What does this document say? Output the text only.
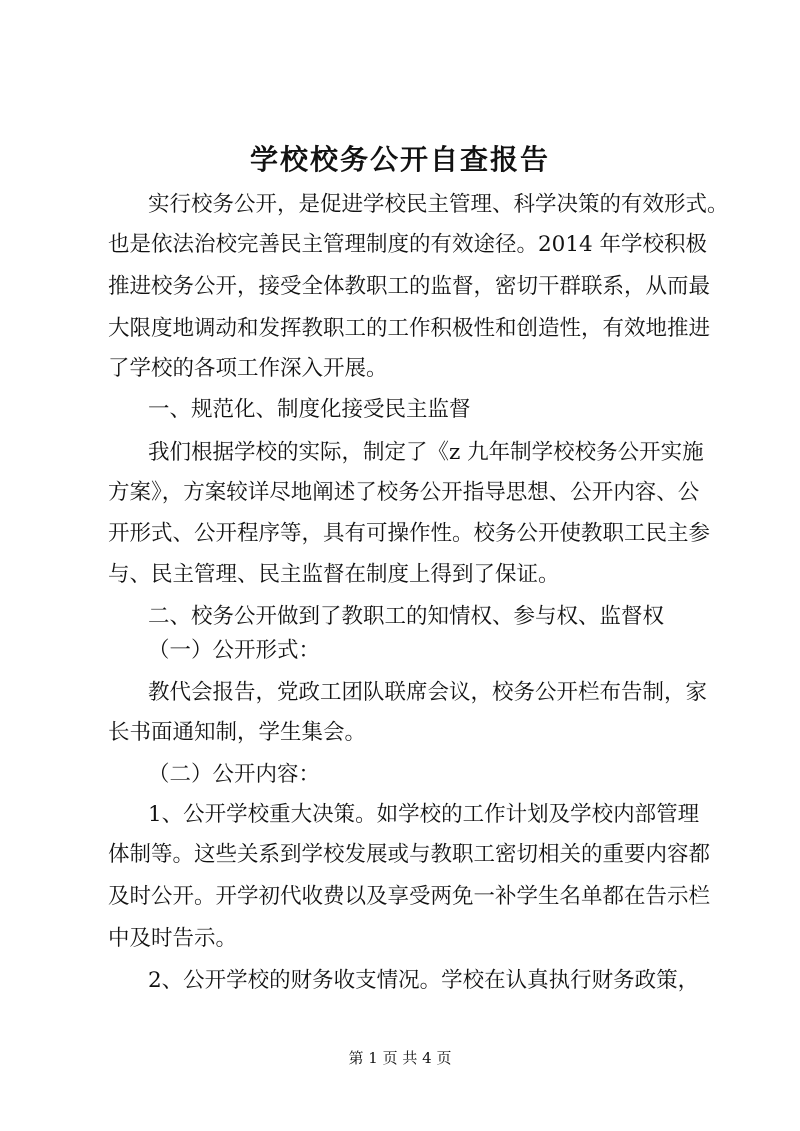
学校校务公开自查报告
实行校务公开，是促进学校民主管理、科学决策的有效形式。
也是依法治校完善民主管理制度的有效途径。2014 年学校积极
推进校务公开，接受全体教职工的监督，密切干群联系，从而最
大限度地调动和发挥教职工的工作积极性和创造性，有效地推进
了学校的各项工作深入开展。
一、规范化、制度化接受民主监督
我们根据学校的实际，制定了《z 九年制学校校务公开实施
方案》，方案较详尽地阐述了校务公开指导思想、公开内容、公
开形式、公开程序等，具有可操作性。校务公开使教职工民主参
与、民主管理、民主监督在制度上得到了保证。
二、校务公开做到了教职工的知情权、参与权、监督权
（一）公开形式：
教代会报告，党政工团队联席会议，校务公开栏布告制，家
长书面通知制，学生集会。
（二）公开内容：
1、公开学校重大决策。如学校的工作计划及学校内部管理
体制等。这些关系到学校发展或与教职工密切相关的重要内容都
及时公开。开学初代收费以及享受两免一补学生名单都在告示栏
中及时告示。
2、公开学校的财务收支情况。学校在认真执行财务政策，
第 1 页 共 4 页
